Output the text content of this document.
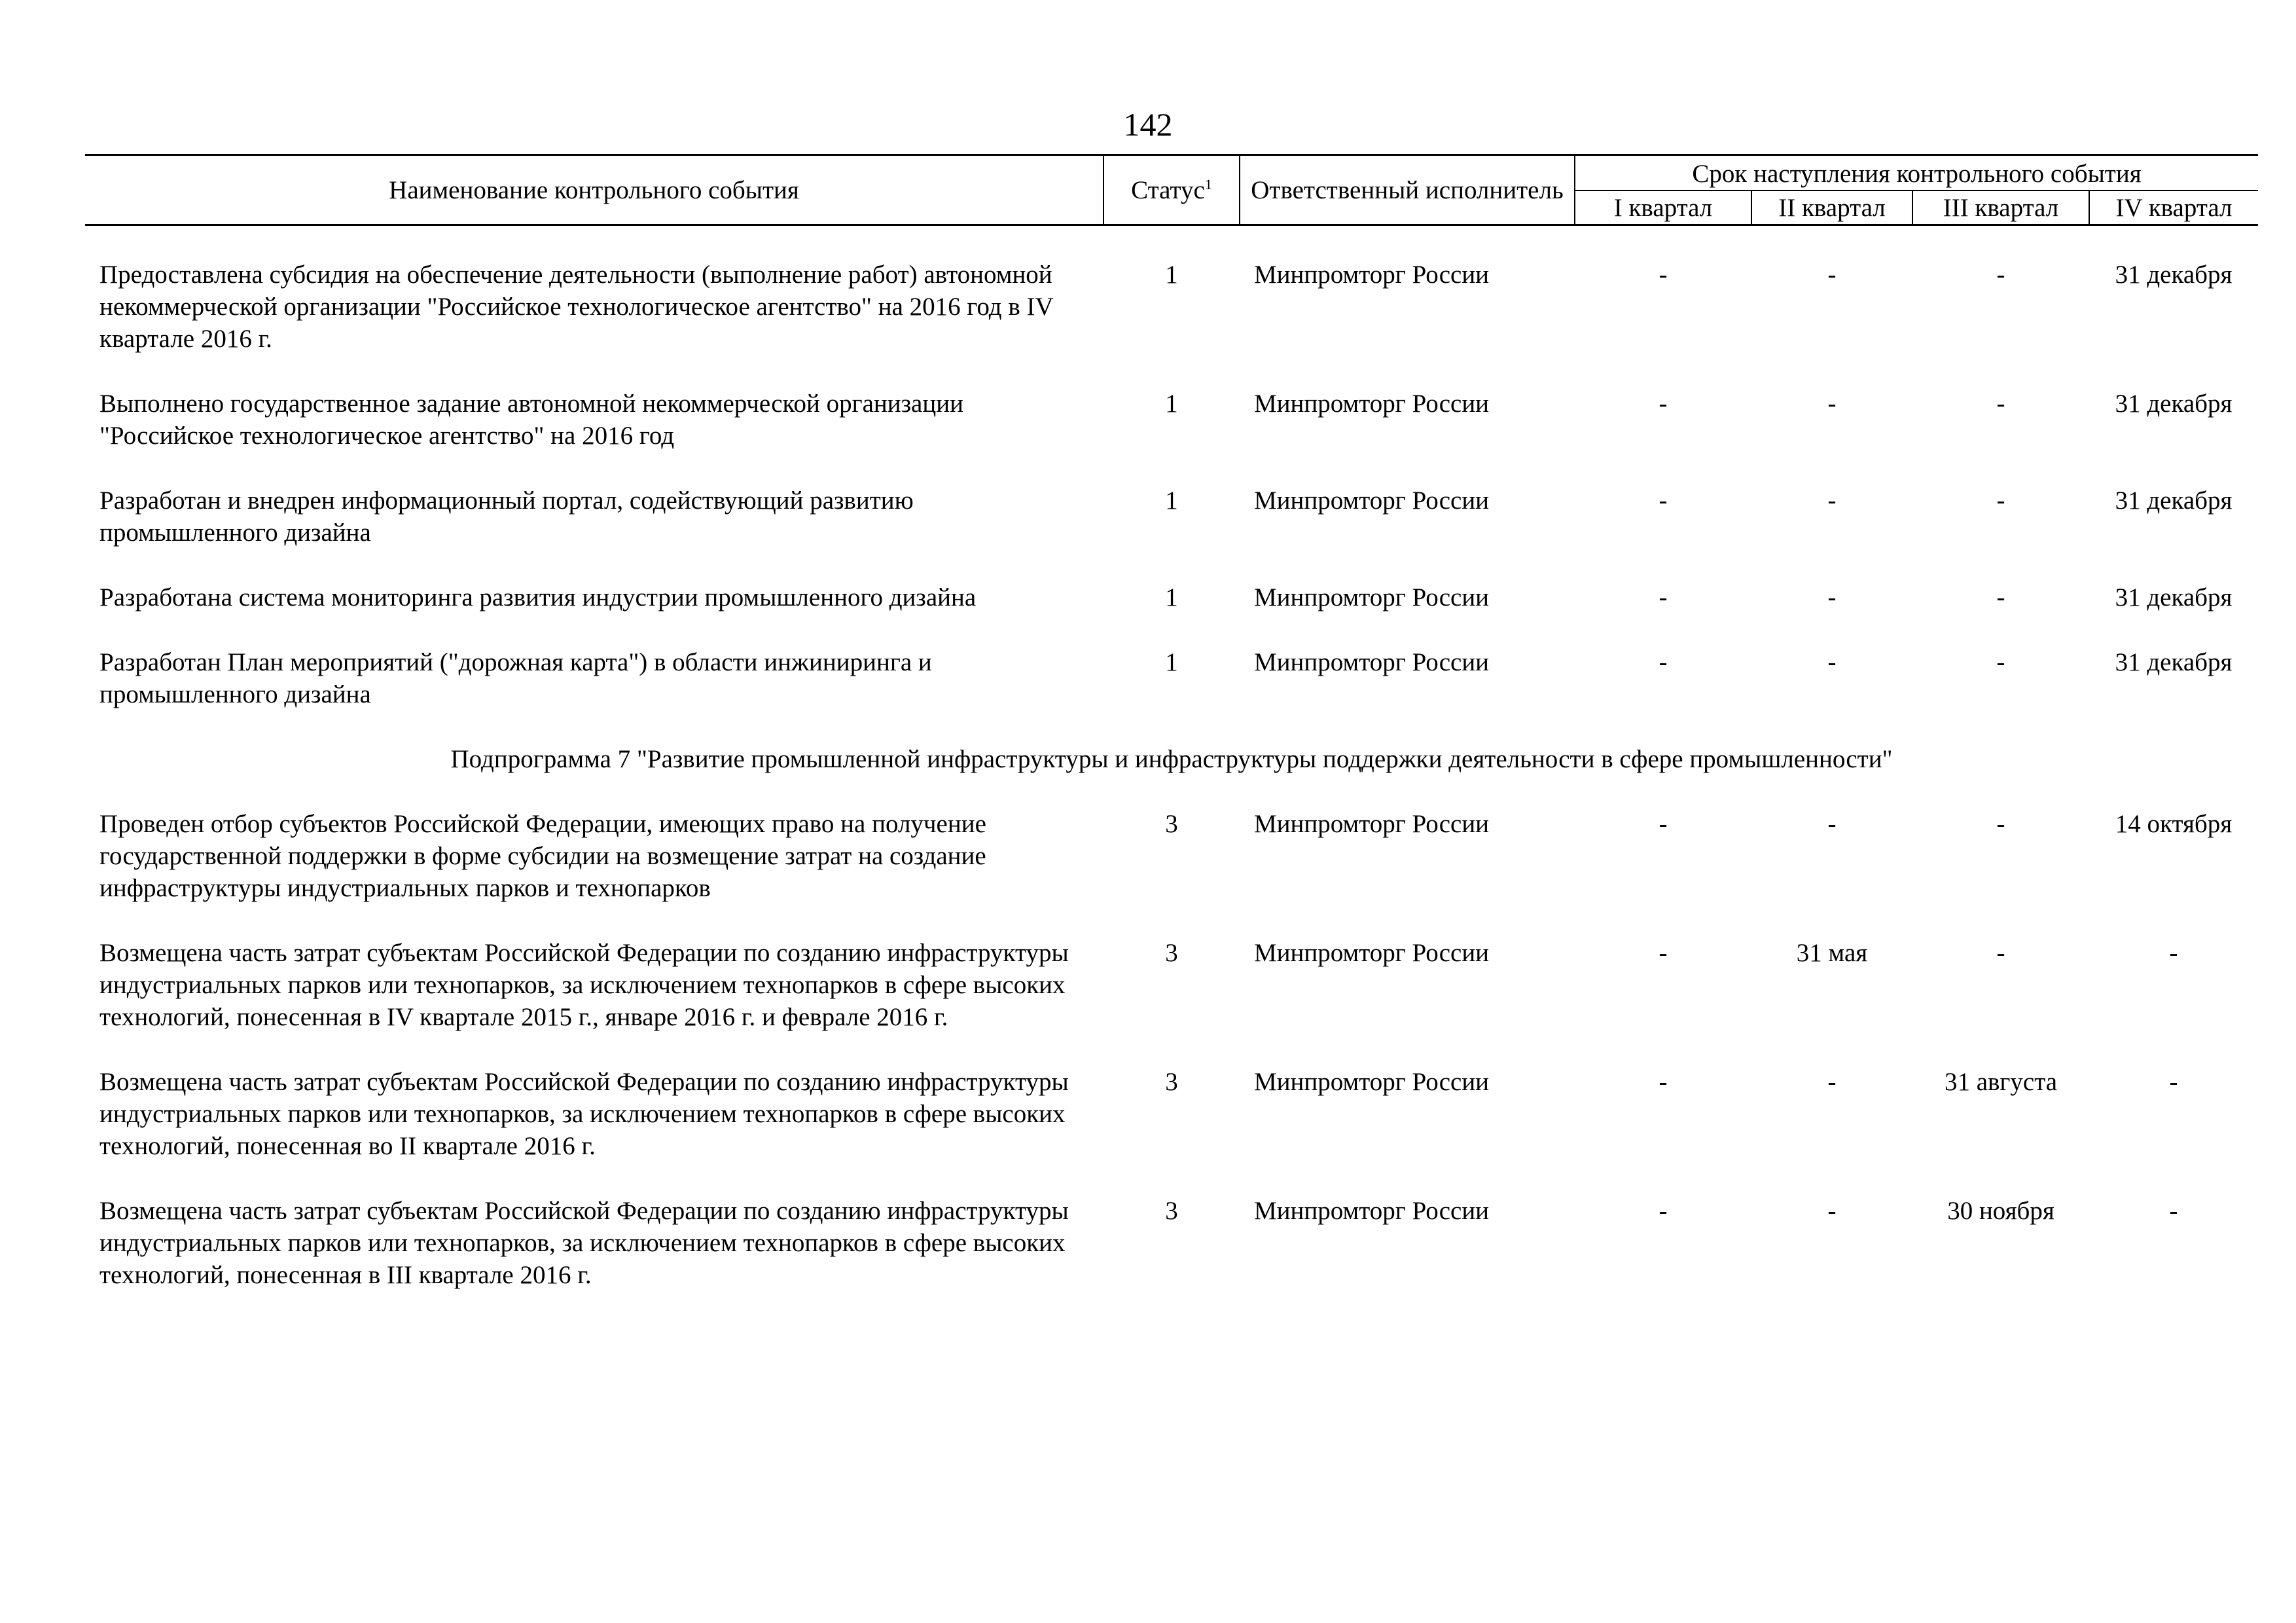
142
Наименование контрольного события	Статус$^1$	Ответственный исполнитель	Срок наступления контрольного события			
			I квартал	II квартал	III квартал	IV квартал

Предоставлена субсидия на обеспечение деятельности (выполнение работ) автономной некоммерческой организации "Российское технологическое агентство" на 2016 год в IV квартале 2016 г.	1	Минпромторг России	-	-	-	31 декабря

Выполнено государственное задание автономной некоммерческой организации "Российское технологическое агентство" на 2016 год	1	Минпромторг России	-	-	-	31 декабря

Разработан и внедрен информационный портал, содействующий развитию промышленного дизайна	1	Минпромторг России	-	-	-	31 декабря

Разработана система мониторинга развития индустрии промышленного дизайна	1	Минпромторг России	-	-	-	31 декабря

Разработан План мероприятий ("дорожная карта") в области инжиниринга и промышленного дизайна	1	Минпромторг России	-	-	-	31 декабря

Подпрограмма 7 "Развитие промышленной инфраструктуры и инфраструктуры поддержки деятельности в сфере промышленности"						

Проведен отбор субъектов Российской Федерации, имеющих право на получение государственной поддержки в форме субсидии на возмещение затрат на создание инфраструктуры индустриальных парков и технопарков	3	Минпромторг России	-	-	-	14 октября

Возмещена часть затрат субъектам Российской Федерации по созданию инфраструктуры индустриальных парков или технопарков, за исключением технопарков в сфере высоких технологий, понесенная в IV квартале 2015 г., январе 2016 г. и феврале 2016 г.	3	Минпромторг России	-	31 мая	-	-

Возмещена часть затрат субъектам Российской Федерации по созданию инфраструктуры индустриальных парков или технопарков, за исключением технопарков в сфере высоких технологий, понесенная во II квартале 2016 г.	3	Минпромторг России	-	-	31 августа	-

Возмещена часть затрат субъектам Российской Федерации по созданию инфраструктуры индустриальных парков или технопарков, за исключением технопарков в сфере высоких технологий, понесенная в III квартале 2016 г.	3	Минпромторг России	-	-	30 ноября	-
